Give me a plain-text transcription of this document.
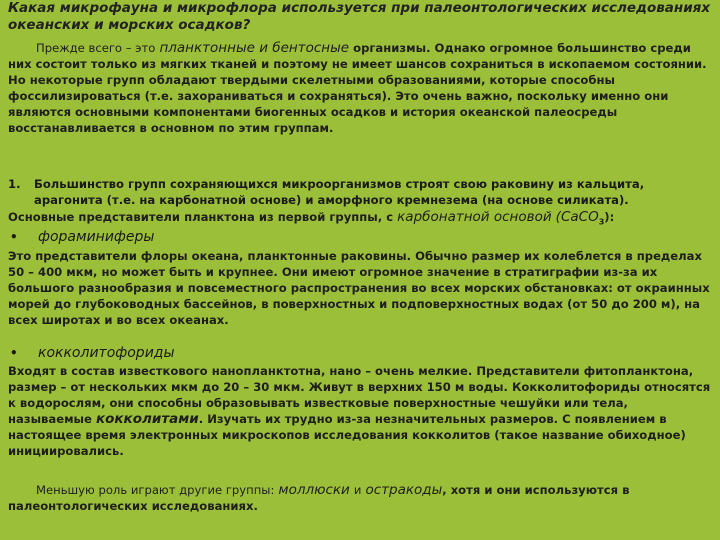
Какая микрофауна и микрофлора используется при палеонтологических исследованиях океанских и морских осадков?
Прежде всего – это планктонные и бентосные организмы. Однако огромное большинство среди них состоит только из мягких тканей и поэтому не имеет шансов сохраниться в ископаемом состоянии. Но некоторые групп обладают твердыми скелетными образованиями, которые способны фоссилизироваться (т.е. захораниваться и сохраняться). Это очень важно, поскольку именно они являются основными компонентами биогенных осадков и история океанской палеосреды восстанавливается в основном по этим группам.
1. Большинство групп сохраняющихся микроорганизмов строят свою раковину из кальцита, арагонита (т.е. на карбонатной основе) и аморфного кремнезема (на основе силиката).
Основные представители планктона из первой группы, с карбонатной основой (CaCO$_3$):
• фораминиферы
Это представители флоры океана, планктонные раковины. Обычно размер их колеблется в пределах 50 – 400 мкм, но может быть и крупнее. Они имеют огромное значение в стратиграфии из-за их большого разнообразия и повсеместного распространения во всех морских обстановках: от окраинных морей до глубоководных бассейнов, в поверхностных и подповерхностных водах (от 50 до 200 м), на всех широтах и во всех океанах.
• кокколитофориды
Входят в состав известкового нанопланктотна, нано – очень мелкие. Представители фитопланктона, размер – от нескольких мкм до 20 – 30 мкм. Живут в верхних 150 м воды. Кокколитофориды относятся к водорослям, они способны образовывать известковые поверхностные чешуйки или тела, называемые кокколитами. Изучать их трудно из-за незначительных размеров. С появлением в настоящее время электронных микроскопов исследования кокколитов (такое название обиходное) инициировались.
Меньшую роль играют другие группы: моллюски и остракоды, хотя и они используются в палеонтологических исследованиях.
